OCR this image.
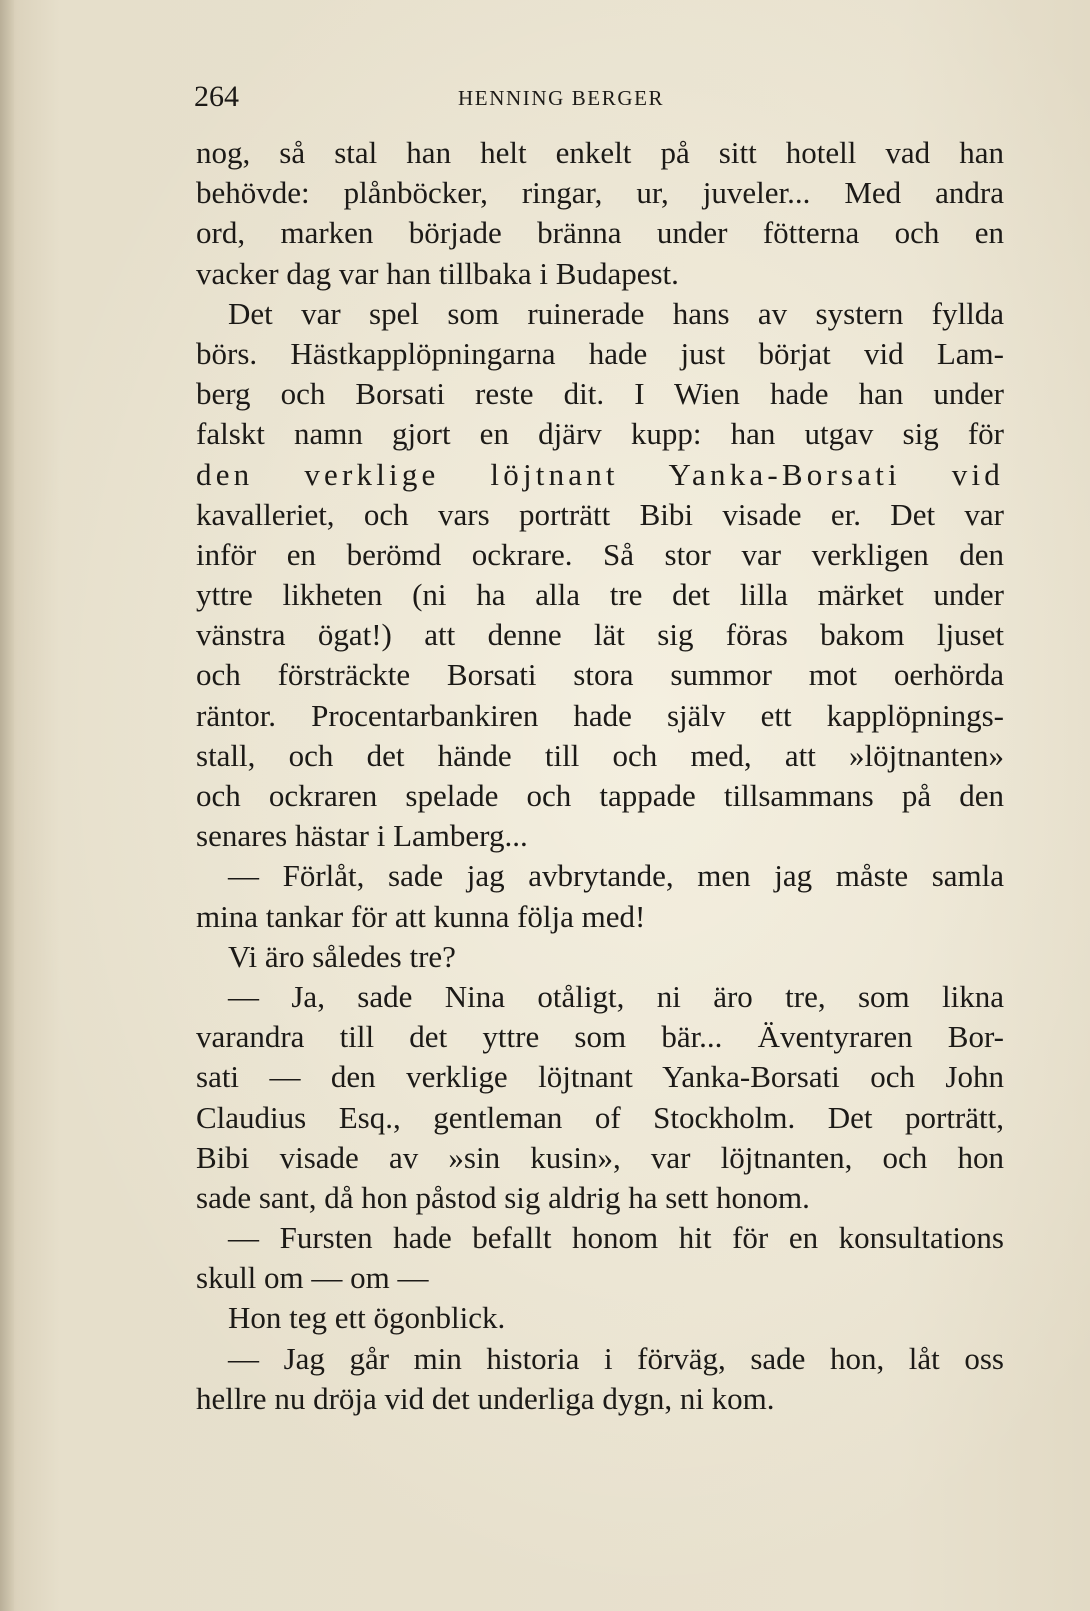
264	HENNING BERGER
nog, så stal han helt enkelt på sitt hotell vad han
behövde: plånböcker, ringar, ur, juveler... Med andra
ord, marken började bränna under fötterna och en
vacker dag var han tillbaka i Budapest.
Det var spel som ruinerade hans av systern fyllda
börs. Hästkapplöpningarna hade just börjat vid Lam-
berg och Borsati reste dit. I Wien hade han under
falskt namn gjort en djärv kupp: han utgav sig för
den verklige löjtnant Yanka-Borsati vid
kavalleriet, och vars porträtt Bibi visade er. Det var
inför en berömd ockrare. Så stor var verkligen den
yttre likheten (ni ha alla tre det lilla märket under
vänstra ögat!) att denne lät sig föras bakom ljuset
och försträckte Borsati stora summor mot oerhörda
räntor. Procentarbankiren hade själv ett kapplöpnings-
stall, och det hände till och med, att »löjtnanten»
och ockraren spelade och tappade tillsammans på den
senares hästar i Lamberg...
— Förlåt, sade jag avbrytande, men jag måste samla
mina tankar för att kunna följa med!
Vi äro således tre?
— Ja, sade Nina otåligt, ni äro tre, som likna
varandra till det yttre som bär... Äventyraren Bor-
sati — den verklige löjtnant Yanka-Borsati och John
Claudius Esq., gentleman of Stockholm. Det porträtt,
Bibi visade av »sin kusin», var löjtnanten, och hon
sade sant, då hon påstod sig aldrig ha sett honom.
— Fursten hade befallt honom hit för en konsultations
skull om — om —
Hon teg ett ögonblick.
— Jag går min historia i förväg, sade hon, låt oss
hellre nu dröja vid det underliga dygn, ni kom.
